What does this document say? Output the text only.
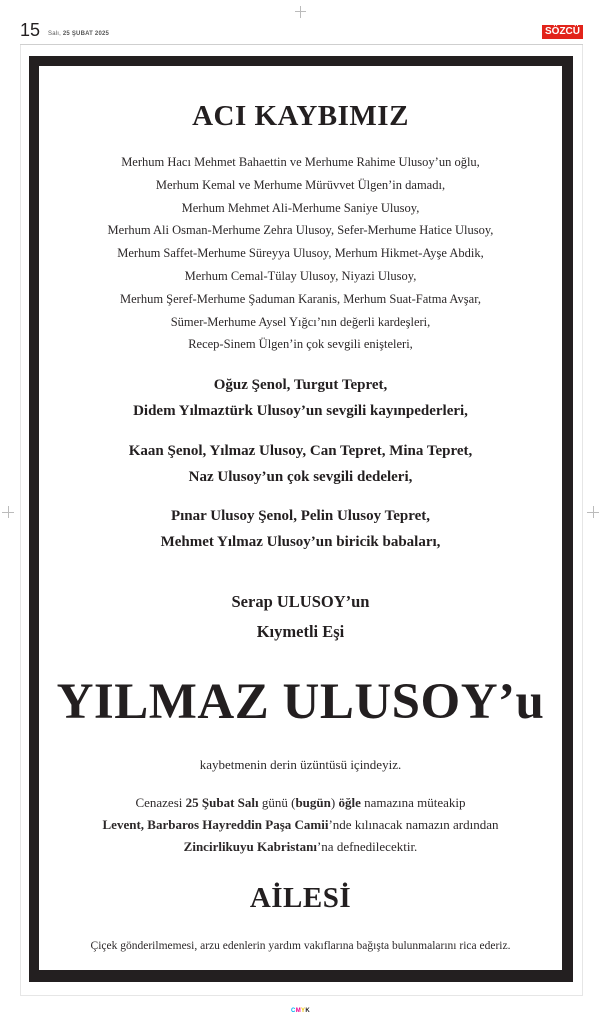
15 Salı, 25 ŞUBAT 2025	SÖZCÜ
ACI KAYBIMIZ
Merhum Hacı Mehmet Bahaettin ve Merhume Rahime Ulusoy’un oğlu,
Merhum Kemal ve Merhume Mürüvvet Ülgen’in damadı,
Merhum Mehmet Ali-Merhume Saniye Ulusoy,
Merhum Ali Osman-Merhume Zehra Ulusoy, Sefer-Merhume Hatice Ulusoy,
Merhum Saffet-Merhume Süreyya Ulusoy, Merhum Hikmet-Ayşe Abdik,
Merhum Cemal-Tülay Ulusoy, Niyazi Ulusoy,
Merhum Şeref-Merhume Şaduman Karanis, Merhum Suat-Fatma Avşar,
Sümer-Merhume Aysel Yığcı’nın değerli kardeşleri,
Recep-Sinem Ülgen’in çok sevgili enişteleri,
Oğuz Şenol, Turgut Tepret,
Didem Yılmaztürk Ulusoy’un sevgili kayınpederleri,
Kaan Şenol, Yılmaz Ulusoy, Can Tepret, Mina Tepret,
Naz Ulusoy’un çok sevgili dedeleri,
Pınar Ulusoy Şenol, Pelin Ulusoy Tepret,
Mehmet Yılmaz Ulusoy’un biricik babaları,
Serap ULUSOY’un
Kıymetli Eşi
YILMAZ ULUSOY’u
kaybetmenin derin üzüntüsü içindeyiz.
Cenazesi 25 Şubat Salı günü (bugün) öğle namazına müteakip
Levent, Barbaros Hayreddin Paşa Camii’nde kılınacak namazın ardından
Zincirlikuyu Kabristanı’na defnedilecektir.
AİLESİ
Çiçek gönderilmemesi, arzu edenlerin yardım vakıflarına bağışta bulunmalarını rica ederiz.
CMYK
